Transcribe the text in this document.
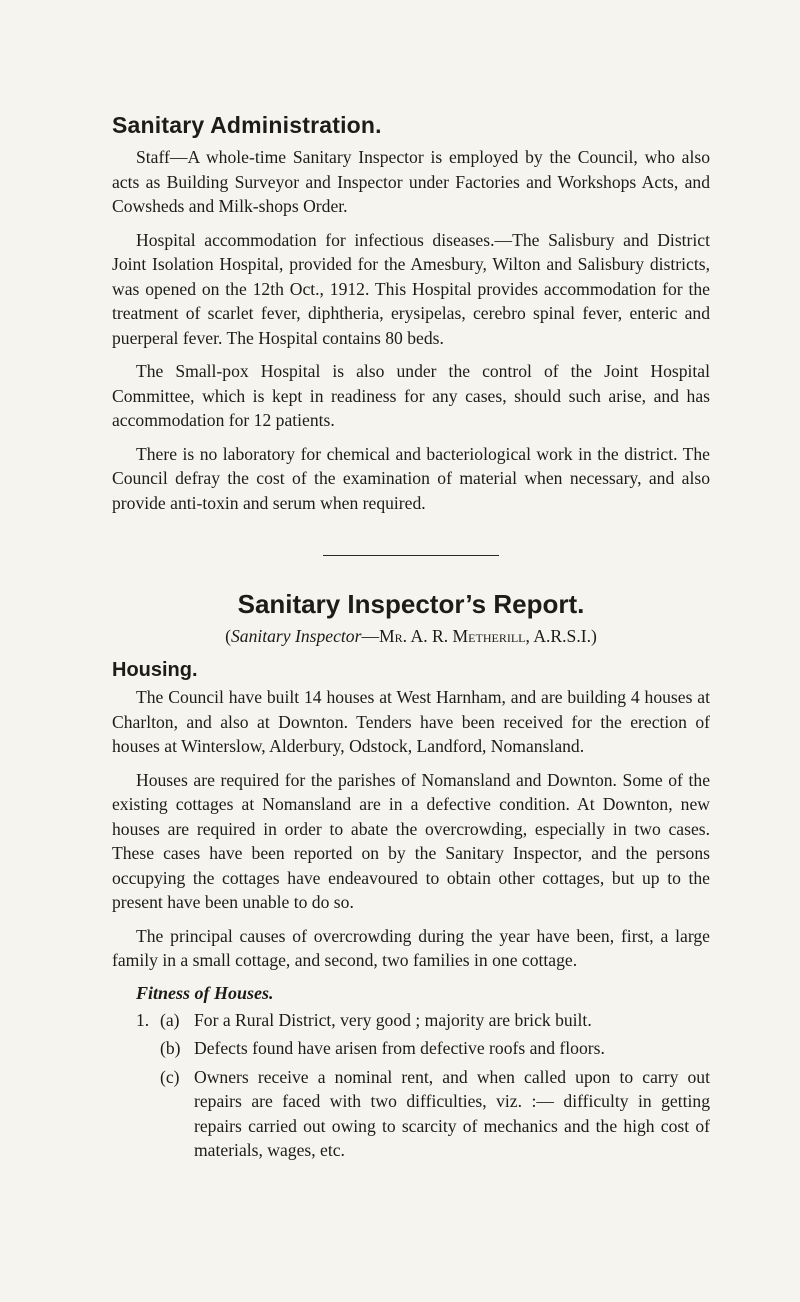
Sanitary Administration.

Staff—A whole-time Sanitary Inspector is employed by the Council, who also acts as Building Surveyor and Inspector under Factories and Workshops Acts, and Cowsheds and Milk-shops Order.

Hospital accommodation for infectious diseases.—The Salisbury and District Joint Isolation Hospital, provided for the Amesbury, Wilton and Salisbury districts, was opened on the 12th Oct., 1912. This Hospital provides accommodation for the treatment of scarlet fever, diphtheria, erysipelas, cerebro spinal fever, enteric and puerperal fever. The Hospital contains 80 beds.

The Small-pox Hospital is also under the control of the Joint Hospital Committee, which is kept in readiness for any cases, should such arise, and has accommodation for 12 patients.

There is no laboratory for chemical and bacteriological work in the district. The Council defray the cost of the examination of material when necessary, and also provide anti-toxin and serum when required.

Sanitary Inspector’s Report.
(Sanitary Inspector—Mr. A. R. Metherill, A.R.S.I.)
Housing.

The Council have built 14 houses at West Harnham, and are building 4 houses at Charlton, and also at Downton. Tenders have been received for the erection of houses at Winterslow, Alderbury, Odstock, Landford, Nomansland.

Houses are required for the parishes of Nomansland and Downton. Some of the existing cottages at Nomansland are in a defective condition. At Downton, new houses are required in order to abate the overcrowding, especially in two cases. These cases have been reported on by the Sanitary Inspector, and the persons occupying the cottages have endeavoured to obtain other cottages, but up to the present have been unable to do so.

The principal causes of overcrowding during the year have been, first, a large family in a small cottage, and second, two families in one cottage.

Fitness of Houses.
1. (a) For a Rural District, very good ; majority are brick built.
(b) Defects found have arisen from defective roofs and floors.
(c) Owners receive a nominal rent, and when called upon to carry out repairs are faced with two difficulties, viz. :— difficulty in getting repairs carried out owing to scarcity of mechanics and the high cost of materials, wages, etc.
